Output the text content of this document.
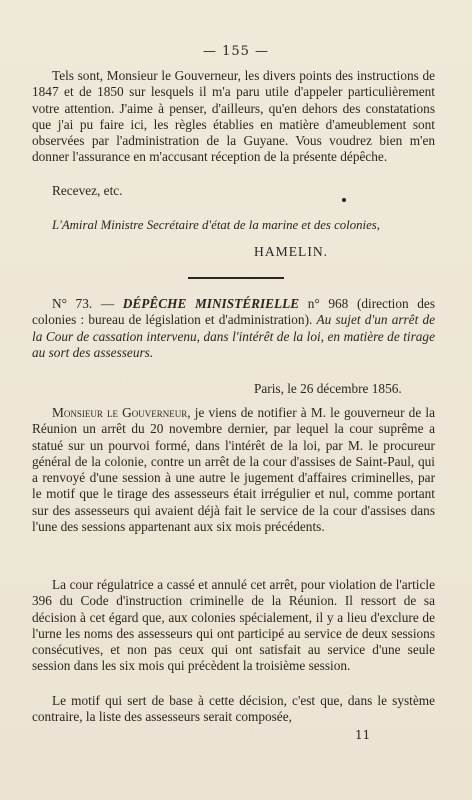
— 155 —
Tels sont, Monsieur le Gouverneur, les divers points des instructions de 1847 et de 1850 sur lesquels il m'a paru utile d'appeler particulièrement votre attention. J'aime à penser, d'ailleurs, qu'en dehors des constatations que j'ai pu faire ici, les règles établies en matière d'ameublement sont observées par l'administration de la Guyane. Vous voudrez bien m'en donner l'assurance en m'accusant réception de la présente dépêche.
Recevez, etc.
L'Amiral Ministre Secrétaire d'état de la marine et des colonies,
HAMELIN.
N° 73. — DÉPÊCHE MINISTÉRIELLE n° 968 (direction des colonies : bureau de législation et d'administration). Au sujet d'un arrêt de la Cour de cassation intervenu, dans l'intérêt de la loi, en matière de tirage au sort des assesseurs.
Paris, le 26 décembre 1856.
Monsieur le Gouverneur, je viens de notifier à M. le gouverneur de la Réunion un arrêt du 20 novembre dernier, par lequel la cour suprême a statué sur un pourvoi formé, dans l'intérêt de la loi, par M. le procureur général de la colonie, contre un arrêt de la cour d'assises de Saint-Paul, qui a renvoyé d'une session à une autre le jugement d'affaires criminelles, par le motif que le tirage des assesseurs était irrégulier et nul, comme portant sur des assesseurs qui avaient déjà fait le service de la cour d'assises dans l'une des sessions appartenant aux six mois précédents.
La cour régulatrice a cassé et annulé cet arrêt, pour violation de l'article 396 du Code d'instruction criminelle de la Réunion. Il ressort de sa décision à cet égard que, aux colonies spécialement, il y a lieu d'exclure de l'urne les noms des assesseurs qui ont participé au service de deux sessions consécutives, et non pas ceux qui ont satisfait au service d'une seule session dans les six mois qui précèdent la troisième session.
Le motif qui sert de base à cette décision, c'est que, dans le système contraire, la liste des assesseurs serait composée,
11
